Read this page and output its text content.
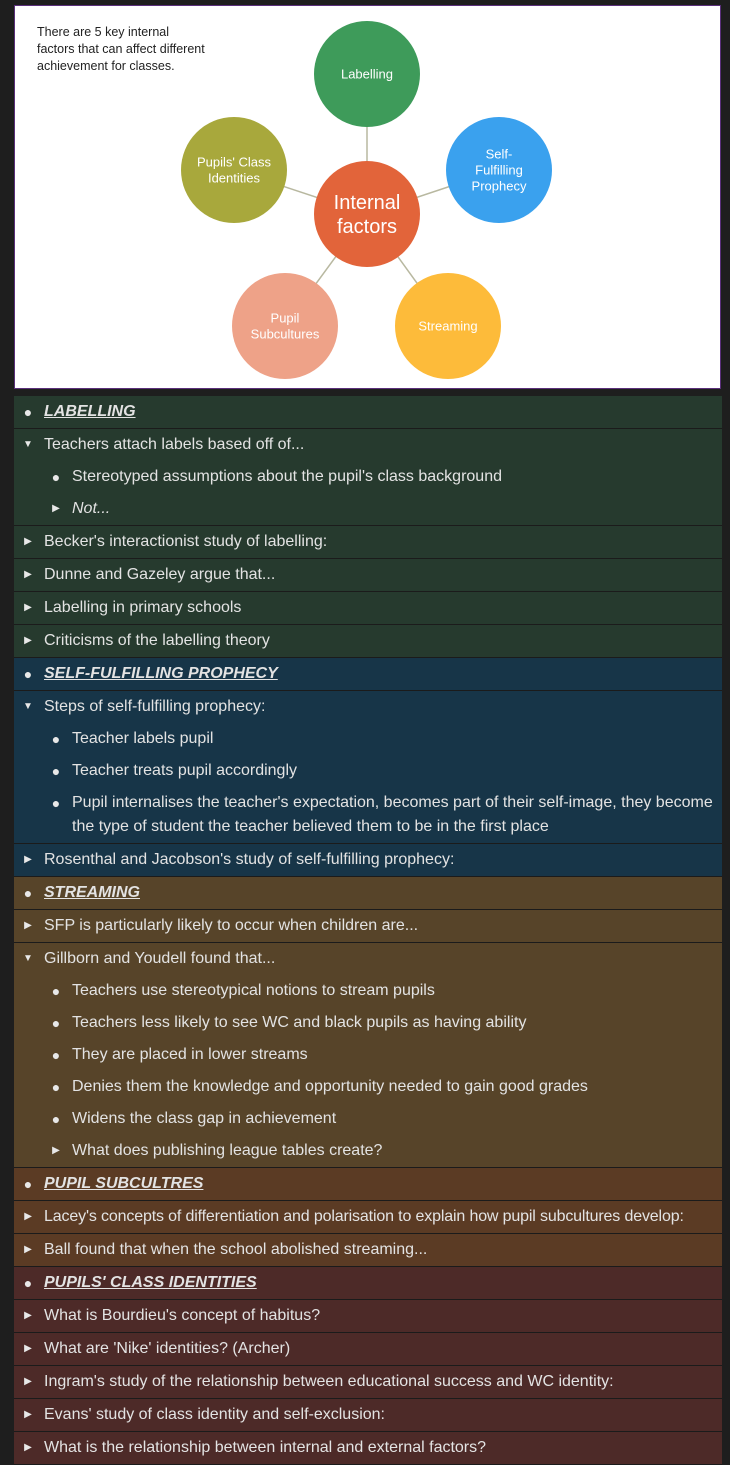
There are 5 key internal factors that can affect different achievement for classes.
Labelling
Self-Fulfilling Prophecy
Streaming
Pupil Subcultures
Pupils' Class Identities
Internal factors
● LABELLING
▼ Teachers attach labels based off of...
● Stereotyped assumptions about the pupil's class background
▶ Not...
▶ Becker's interactionist study of labelling:
▶ Dunne and Gazeley argue that...
▶ Labelling in primary schools
▶ Criticisms of the labelling theory
● SELF-FULFILLING PROPHECY
▼ Steps of self-fulfilling prophecy:
● Teacher labels pupil
● Teacher treats pupil accordingly
● Pupil internalises the teacher's expectation, becomes part of their self-image, they become the type of student the teacher believed them to be in the first place
▶ Rosenthal and Jacobson's study of self-fulfilling prophecy:
● STREAMING
▶ SFP is particularly likely to occur when children are...
▼ Gillborn and Youdell found that...
● Teachers use stereotypical notions to stream pupils
● Teachers less likely to see WC and black pupils as having ability
● They are placed in lower streams
● Denies them the knowledge and opportunity needed to gain good grades
● Widens the class gap in achievement
▶ What does publishing league tables create?
● PUPIL SUBCULTRES
▶ Lacey's concepts of differentiation and polarisation to explain how pupil subcultures develop:
▶ Ball found that when the school abolished streaming...
● PUPILS' CLASS IDENTITIES
▶ What is Bourdieu's concept of habitus?
▶ What are 'Nike' identities? (Archer)
▶ Ingram's study of the relationship between educational success and WC identity:
▶ Evans' study of class identity and self-exclusion:
▶ What is the relationship between internal and external factors?
